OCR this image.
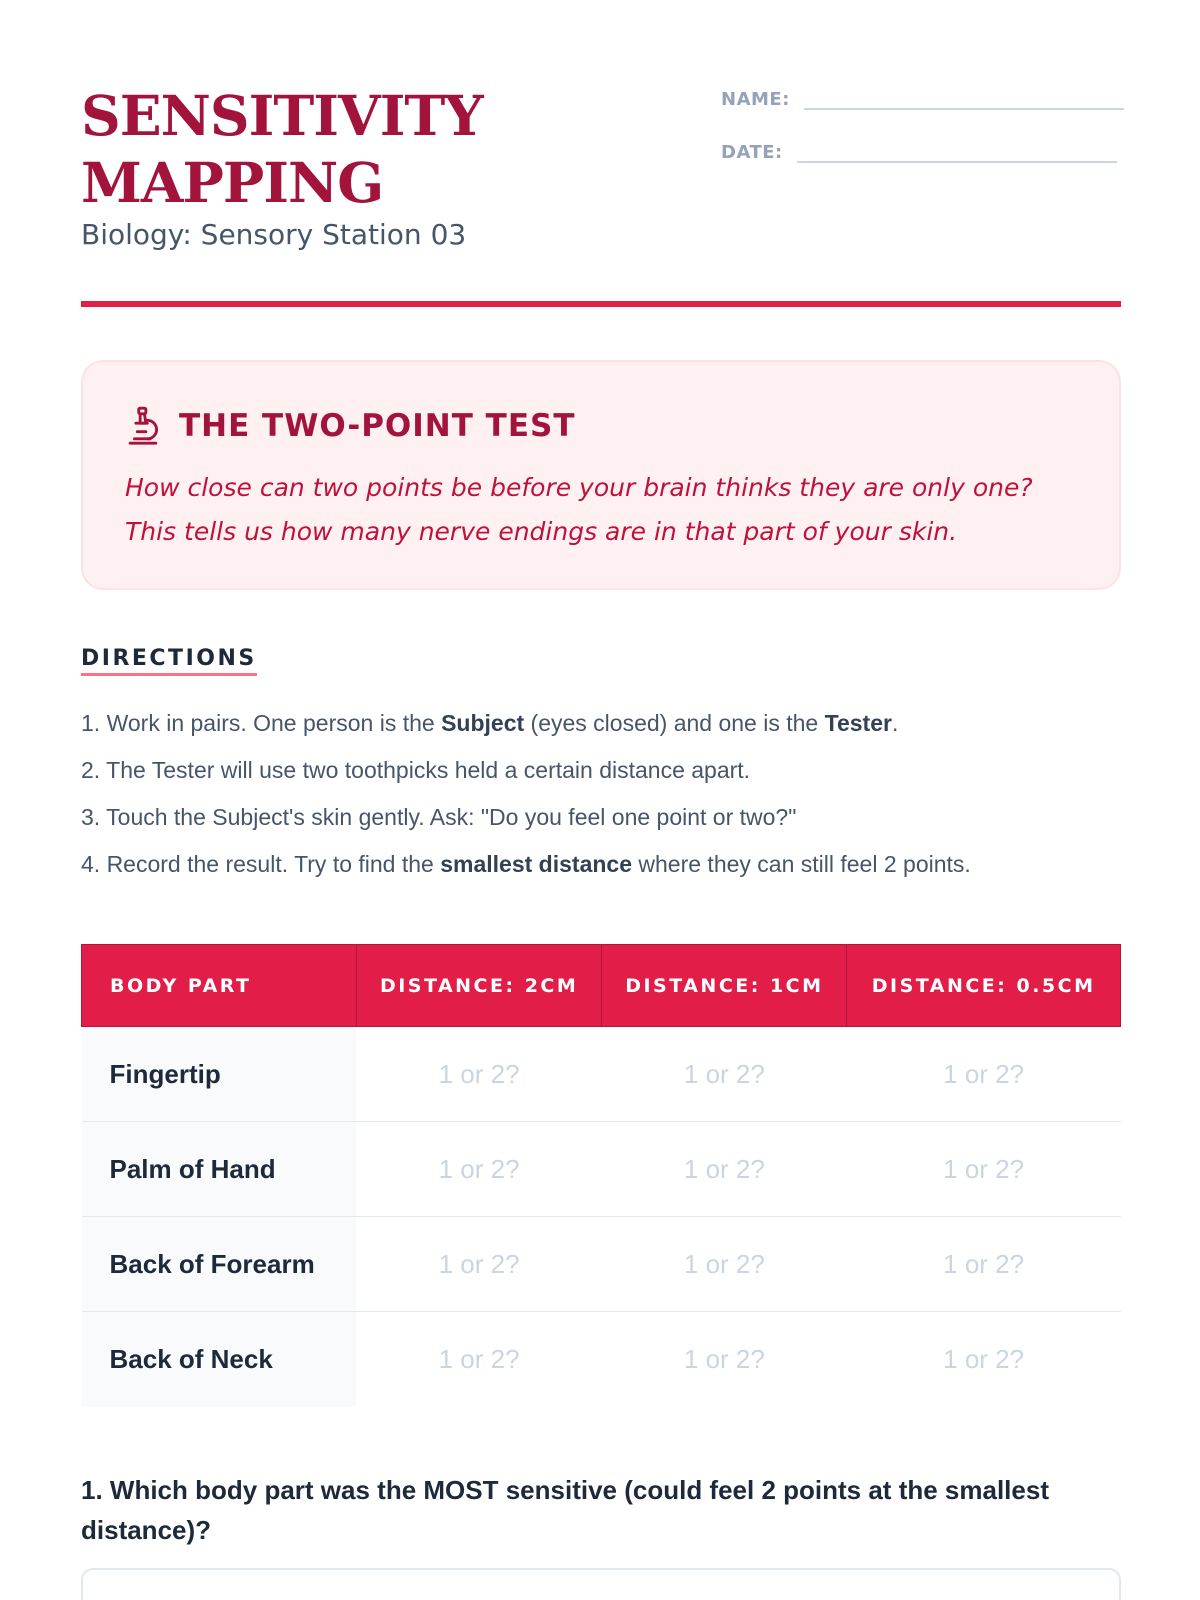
SENSITIVITY
MAPPING
Biology: Sensory Station 03
NAME:
DATE:
THE TWO-POINT TEST
How close can two points be before your brain thinks they are only one?
This tells us how many nerve endings are in that part of your skin.
DIRECTIONS
1. Work in pairs. One person is the Subject (eyes closed) and one is the Tester.
2. The Tester will use two toothpicks held a certain distance apart.
3. Touch the Subject's skin gently. Ask: "Do you feel one point or two?"
4. Record the result. Try to find the smallest distance where they can still feel 2 points.
BODY PART	DISTANCE: 2CM	DISTANCE: 1CM	DISTANCE: 0.5CM
Fingertip	1 or 2?	1 or 2?	1 or 2?
Palm of Hand	1 or 2?	1 or 2?	1 or 2?
Back of Forearm	1 or 2?	1 or 2?	1 or 2?
Back of Neck	1 or 2?	1 or 2?	1 or 2?
1. Which body part was the MOST sensitive (could feel 2 points at the smallest distance)?
